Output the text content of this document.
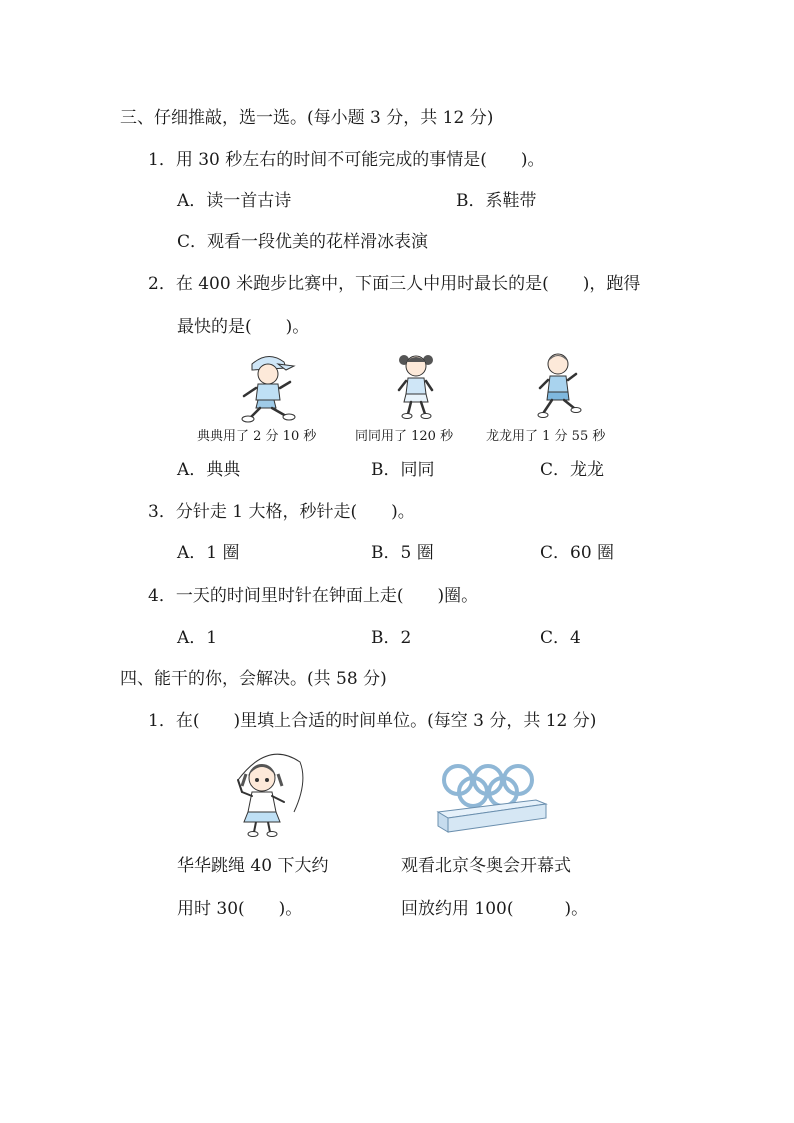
三、仔细推敲，选一选。(每小题 3 分，共 12 分)
1．用 30 秒左右的时间不可能完成的事情是(　　)。
A．读一首古诗	B．系鞋带
C．观看一段优美的花样滑冰表演
2．在 400 米跑步比赛中，下面三人中用时最长的是(　　)，跑得
最快的是(　　)。
典典用了 2 分 10 秒	同同用了 120 秒	龙龙用了 1 分 55 秒
A．典典	B．同同	C．龙龙
3．分针走 1 大格，秒针走(　　)。
A．1 圈	B．5 圈	C．60 圈
4．一天的时间里时针在钟面上走(　　)圈。
A．1	B．2	C．4
四、能干的你，会解决。(共 58 分)
1．在(　　)里填上合适的时间单位。(每空 3 分，共 12 分)
华华跳绳 40 下大约
用时 30(　　)。
观看北京冬奥会开幕式
回放约用 100(　　　)。
